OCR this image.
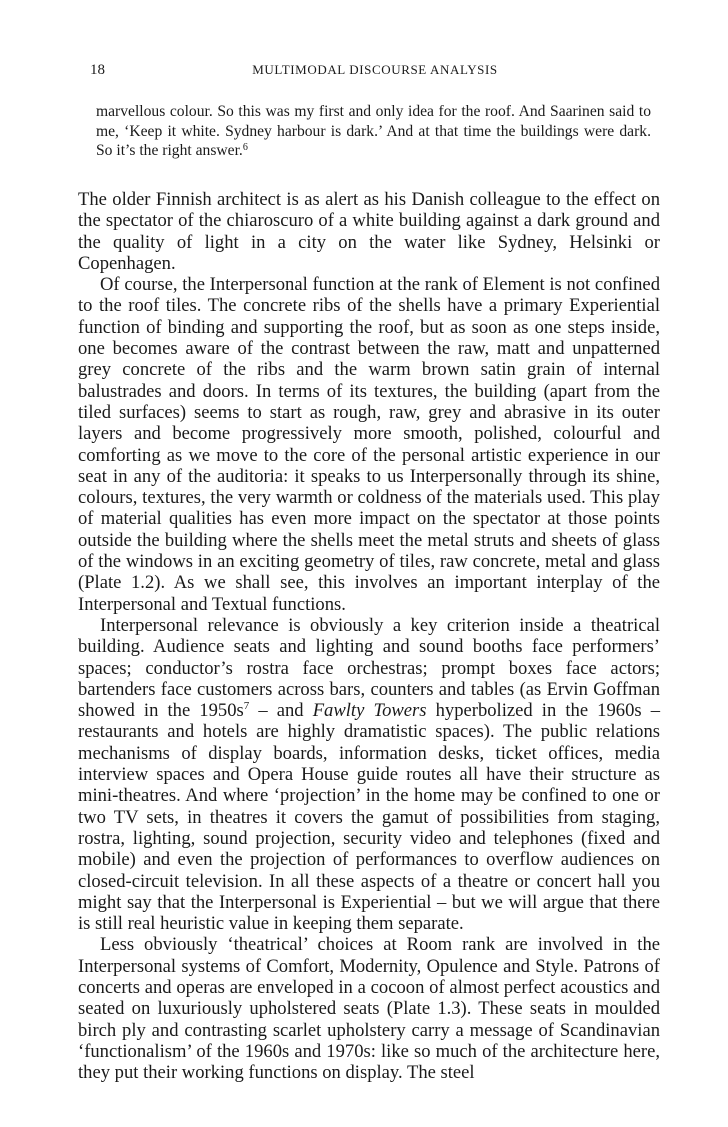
18	MULTIMODAL DISCOURSE ANALYSIS
marvellous colour. So this was my first and only idea for the roof. And Saarinen said to me, ‘Keep it white. Sydney harbour is dark.’ And at that time the buildings were dark. So it’s the right answer.$^6$

The older Finnish architect is as alert as his Danish colleague to the effect on the spectator of the chiaroscuro of a white building against a dark ground and the quality of light in a city on the water like Sydney, Helsinki or Copenhagen.

Of course, the Interpersonal function at the rank of Element is not confined to the roof tiles. The concrete ribs of the shells have a primary Experiential function of binding and supporting the roof, but as soon as one steps inside, one becomes aware of the contrast between the raw, matt and unpatterned grey concrete of the ribs and the warm brown satin grain of internal balustrades and doors. In terms of its textures, the building (apart from the tiled surfaces) seems to start as rough, raw, grey and abrasive in its outer layers and become progressively more smooth, polished, colourful and comforting as we move to the core of the personal artistic experience in our seat in any of the auditoria: it speaks to us Interpersonally through its shine, colours, textures, the very warmth or coldness of the materials used. This play of material qualities has even more impact on the spectator at those points outside the building where the shells meet the metal struts and sheets of glass of the windows in an exciting geometry of tiles, raw concrete, metal and glass (Plate 1.2). As we shall see, this involves an important interplay of the Interpersonal and Textual functions.

Interpersonal relevance is obviously a key criterion inside a theatrical building. Audience seats and lighting and sound booths face performers’ spaces; conductor’s rostra face orchestras; prompt boxes face actors; bartenders face customers across bars, counters and tables (as Ervin Goffman showed in the $1950s^7$ – and Fawlty Towers hyperbolized in the 1960s – restaurants and hotels are highly dramatistic spaces). The public relations mechanisms of display boards, information desks, ticket offices, media interview spaces and Opera House guide routes all have their structure as mini-theatres. And where ‘projection’ in the home may be confined to one or two TV sets, in theatres it covers the gamut of possibilities from staging, rostra, lighting, sound projection, security video and telephones (fixed and mobile) and even the projection of performances to overflow audiences on closed-circuit television. In all these aspects of a theatre or concert hall you might say that the Interpersonal is Experiential – but we will argue that there is still real heuristic value in keeping them separate.

Less obviously ‘theatrical’ choices at Room rank are involved in the Interpersonal systems of Comfort, Modernity, Opulence and Style. Patrons of concerts and operas are enveloped in a cocoon of almost perfect acoustics and seated on luxuriously upholstered seats (Plate 1.3). These seats in moulded birch ply and contrasting scarlet upholstery carry a message of Scandinavian ‘functionalism’ of the 1960s and 1970s: like so much of the architecture here, they put their working functions on display. The steel
